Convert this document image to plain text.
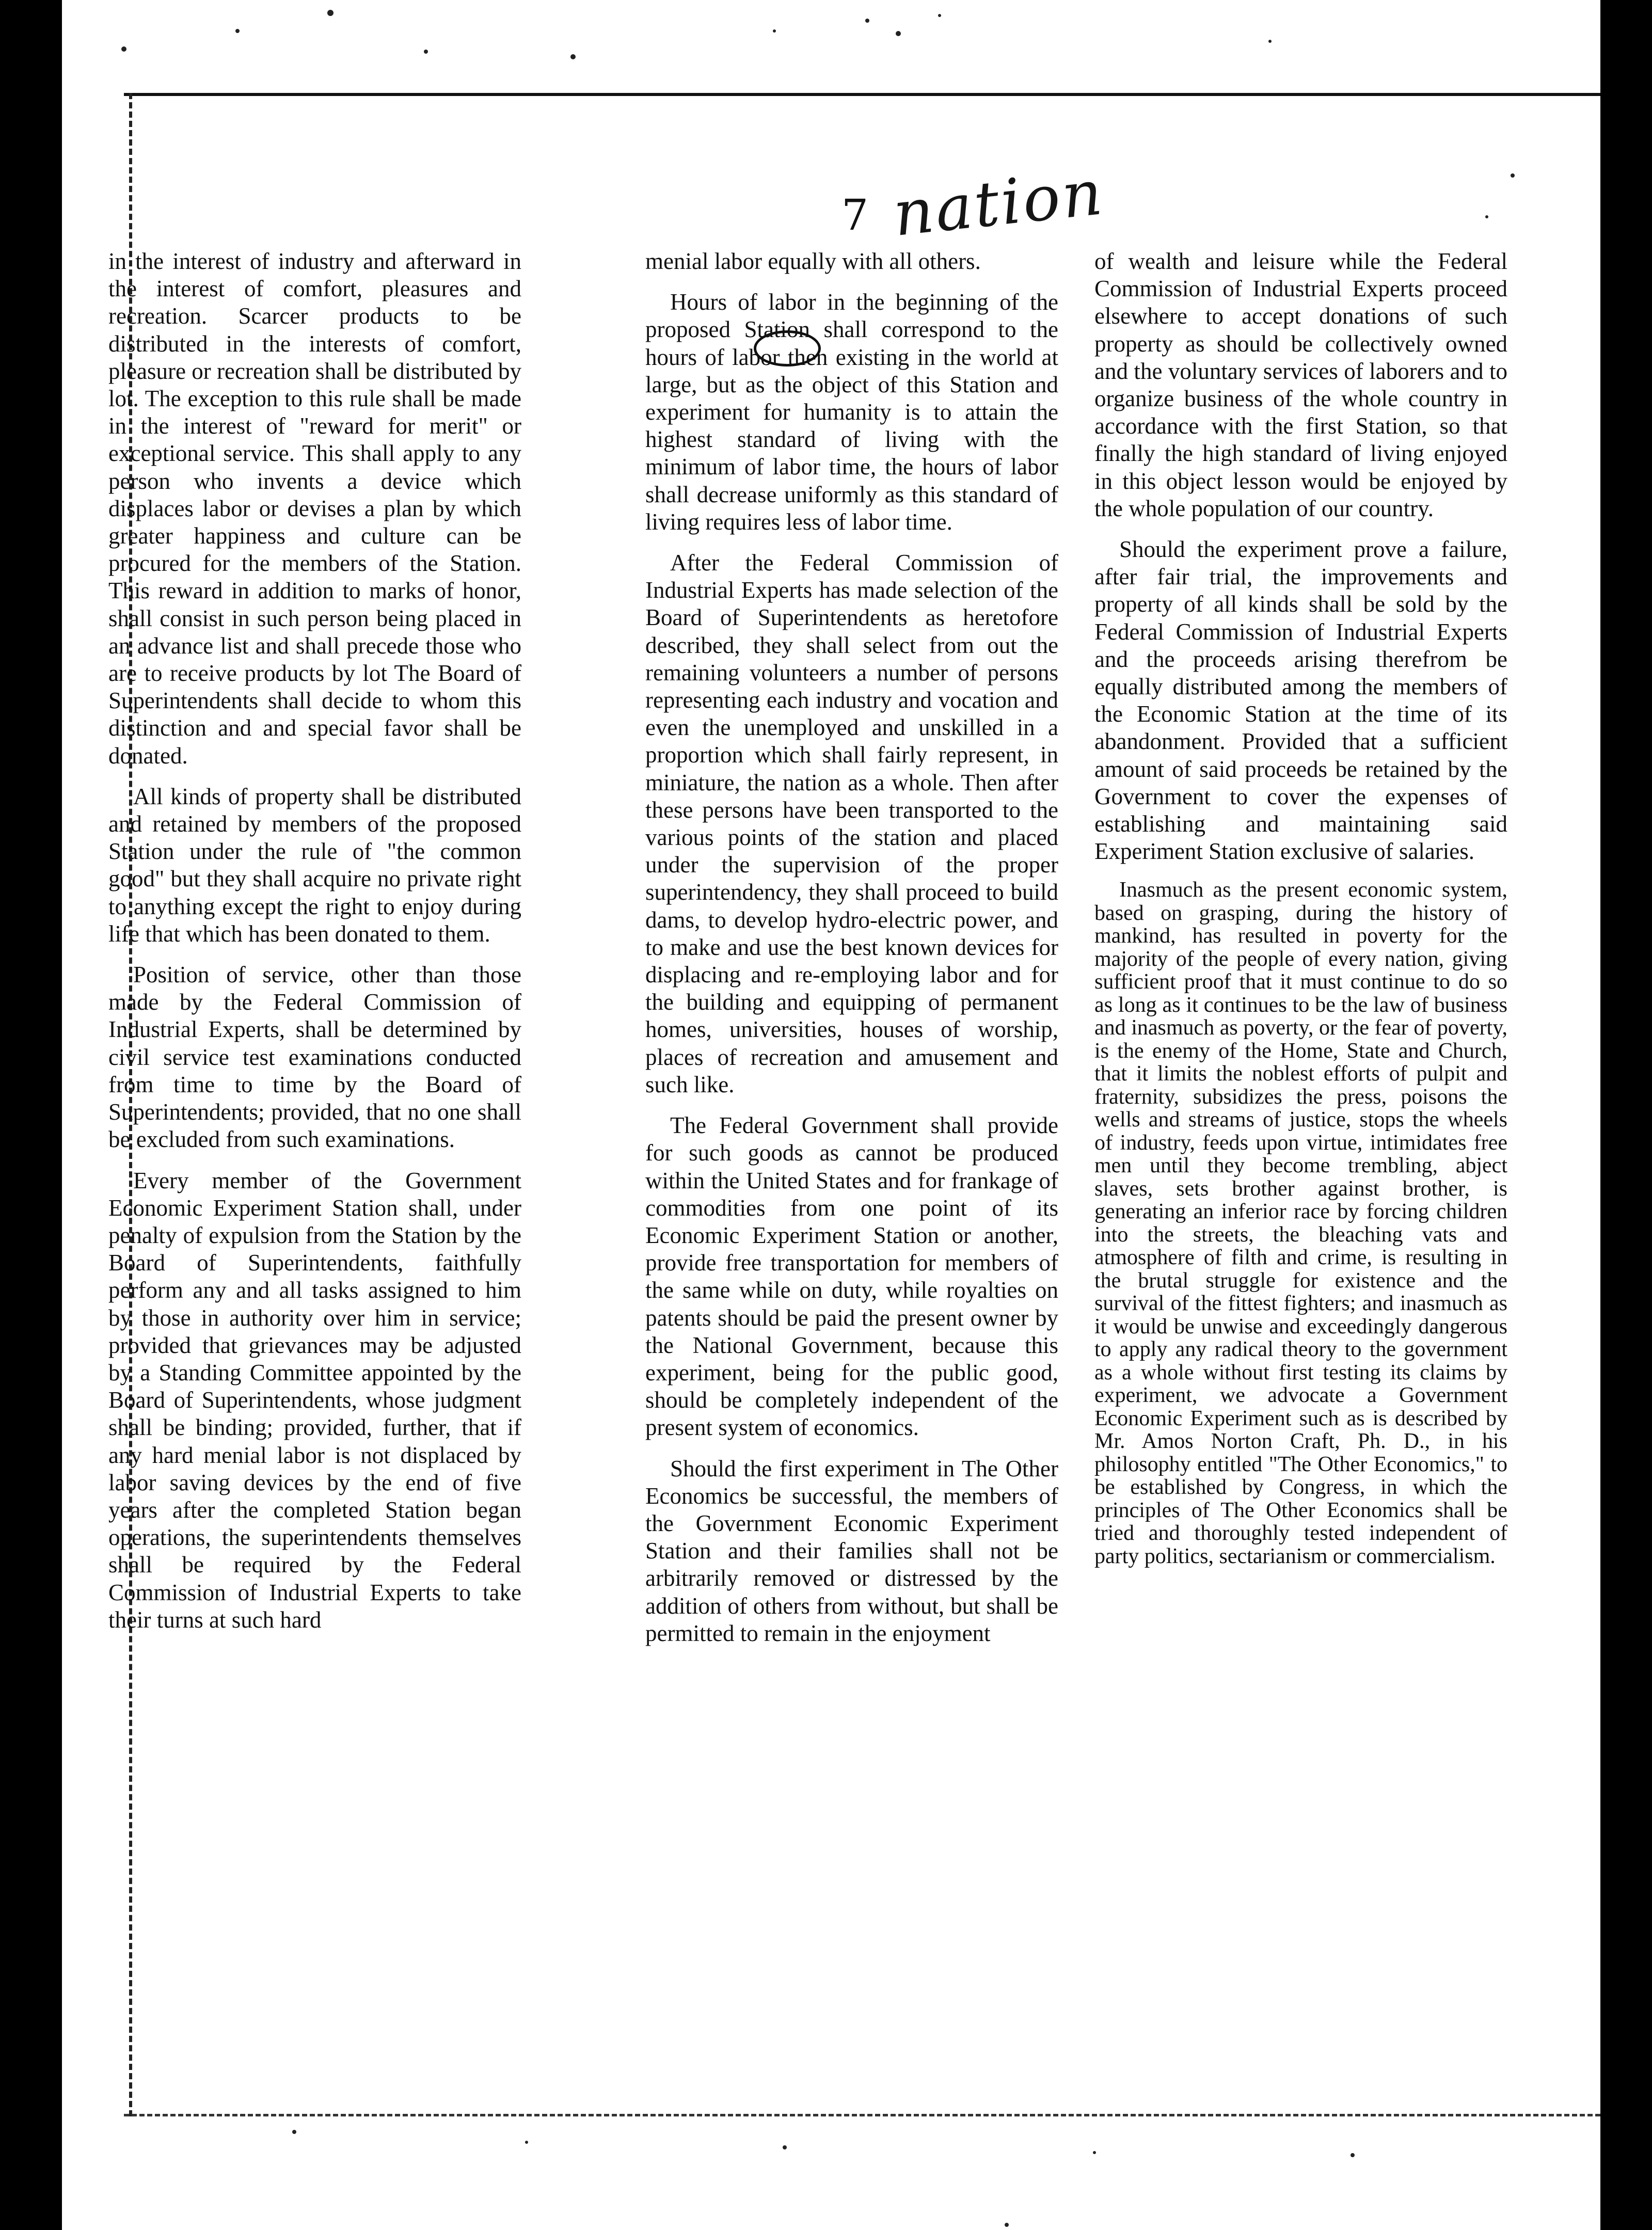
7 nation

in the interest of industry and afterward in the interest of comfort, pleasures and recreation. Scarcer products to be distributed in the interests of comfort, pleasure or recreation shall be distributed by lot. The exception to this rule shall be made in the interest of "reward for merit" or exceptional service. This shall apply to any person who invents a device which displaces labor or devises a plan by which greater happiness and culture can be procured for the members of the Station. This reward in addition to marks of honor, shall consist in such person being placed in an advance list and shall precede those who are to receive products by lot The Board of Superintendents shall decide to whom this distinction and and special favor shall be donated.

All kinds of property shall be distributed and retained by members of the proposed Station under the rule of "the common good" but they shall acquire no private right to anything except the right to enjoy during life that which has been donated to them.

Position of service, other than those made by the Federal Commission of Industrial Experts, shall be determined by civil service test examinations conducted from time to time by the Board of Superintendents; provided, that no one shall be excluded from such examinations.

Every member of the Government Economic Experiment Station shall, under penalty of expulsion from the Station by the Board of Superintendents, faithfully perform any and all tasks assigned to him by those in authority over him in service; provided that grievances may be adjusted by a Standing Committee appointed by the Board of Superintendents, whose judgment shall be binding; provided, further, that if any hard menial labor is not displaced by labor saving devices by the end of five years after the completed Station began operations, the superintendents themselves shall be required by the Federal Commission of Industrial Experts to take their turns at such hard

menial labor equally with all others.

Hours of labor in the beginning of the proposed Station shall correspond to the hours of labor then existing in the world at large, but as the object of this Station and experiment for humanity is to attain the highest standard of living with the minimum of labor time, the hours of labor shall decrease uniformly as this standard of living requires less of labor time.

After the Federal Commission of Industrial Experts has made selection of the Board of Superintendents as heretofore described, they shall select from out the remaining volunteers a number of persons representing each industry and vocation and even the unemployed and unskilled in a proportion which shall fairly represent, in miniature, the nation as a whole. Then after these persons have been transported to the various points of the station and placed under the supervision of the proper superintendency, they shall proceed to build dams, to develop hydro-electric power, and to make and use the best known devices for displacing and re-employing labor and for the building and equipping of permanent homes, universities, houses of worship, places of recreation and amusement and such like.

The Federal Government shall provide for such goods as cannot be produced within the United States and for frankage of commodities from one point of its Economic Experiment Station or another, provide free transportation for members of the same while on duty, while royalties on patents should be paid the present owner by the National Government, because this experiment, being for the public good, should be completely independent of the present system of economics.

Should the first experiment in The Other Economics be successful, the members of the Government Economic Experiment Station and their families shall not be arbitrarily removed or distressed by the addition of others from without, but shall be permitted to remain in the enjoyment

of wealth and leisure while the Federal Commission of Industrial Experts proceed elsewhere to accept donations of such property as should be collectively owned and the voluntary services of laborers and to organize business of the whole country in accordance with the first Station, so that finally the high standard of living enjoyed in this object lesson would be enjoyed by the whole population of our country.

Should the experiment prove a failure, after fair trial, the improvements and property of all kinds shall be sold by the Federal Commission of Industrial Experts and the proceeds arising therefrom be equally distributed among the members of the Economic Station at the time of its abandonment. Provided that a sufficient amount of said proceeds be retained by the Government to cover the expenses of establishing and maintaining said Experiment Station exclusive of salaries.

Inasmuch as the present economic system, based on grasping, during the history of mankind, has resulted in poverty for the majority of the people of every nation, giving sufficient proof that it must continue to do so as long as it continues to be the law of business and inasmuch as poverty, or the fear of poverty, is the enemy of the Home, State and Church, that it limits the noblest efforts of pulpit and fraternity, subsidizes the press, poisons the wells and streams of justice, stops the wheels of industry, feeds upon virtue, intimidates free men until they become trembling, abject slaves, sets brother against brother, is generating an inferior race by forcing children into the streets, the bleaching vats and atmosphere of filth and crime, is resulting in the brutal struggle for existence and the survival of the fittest fighters; and inasmuch as it would be unwise and exceedingly dangerous to apply any radical theory to the government as a whole without first testing its claims by experiment, we advocate a Government Economic Experiment such as is described by Mr. Amos Norton Craft, Ph. D., in his philosophy entitled "The Other Economics," to be established by Congress, in which the principles of The Other Economics shall be tried and thoroughly tested independent of party politics, sectarianism or commercialism.
